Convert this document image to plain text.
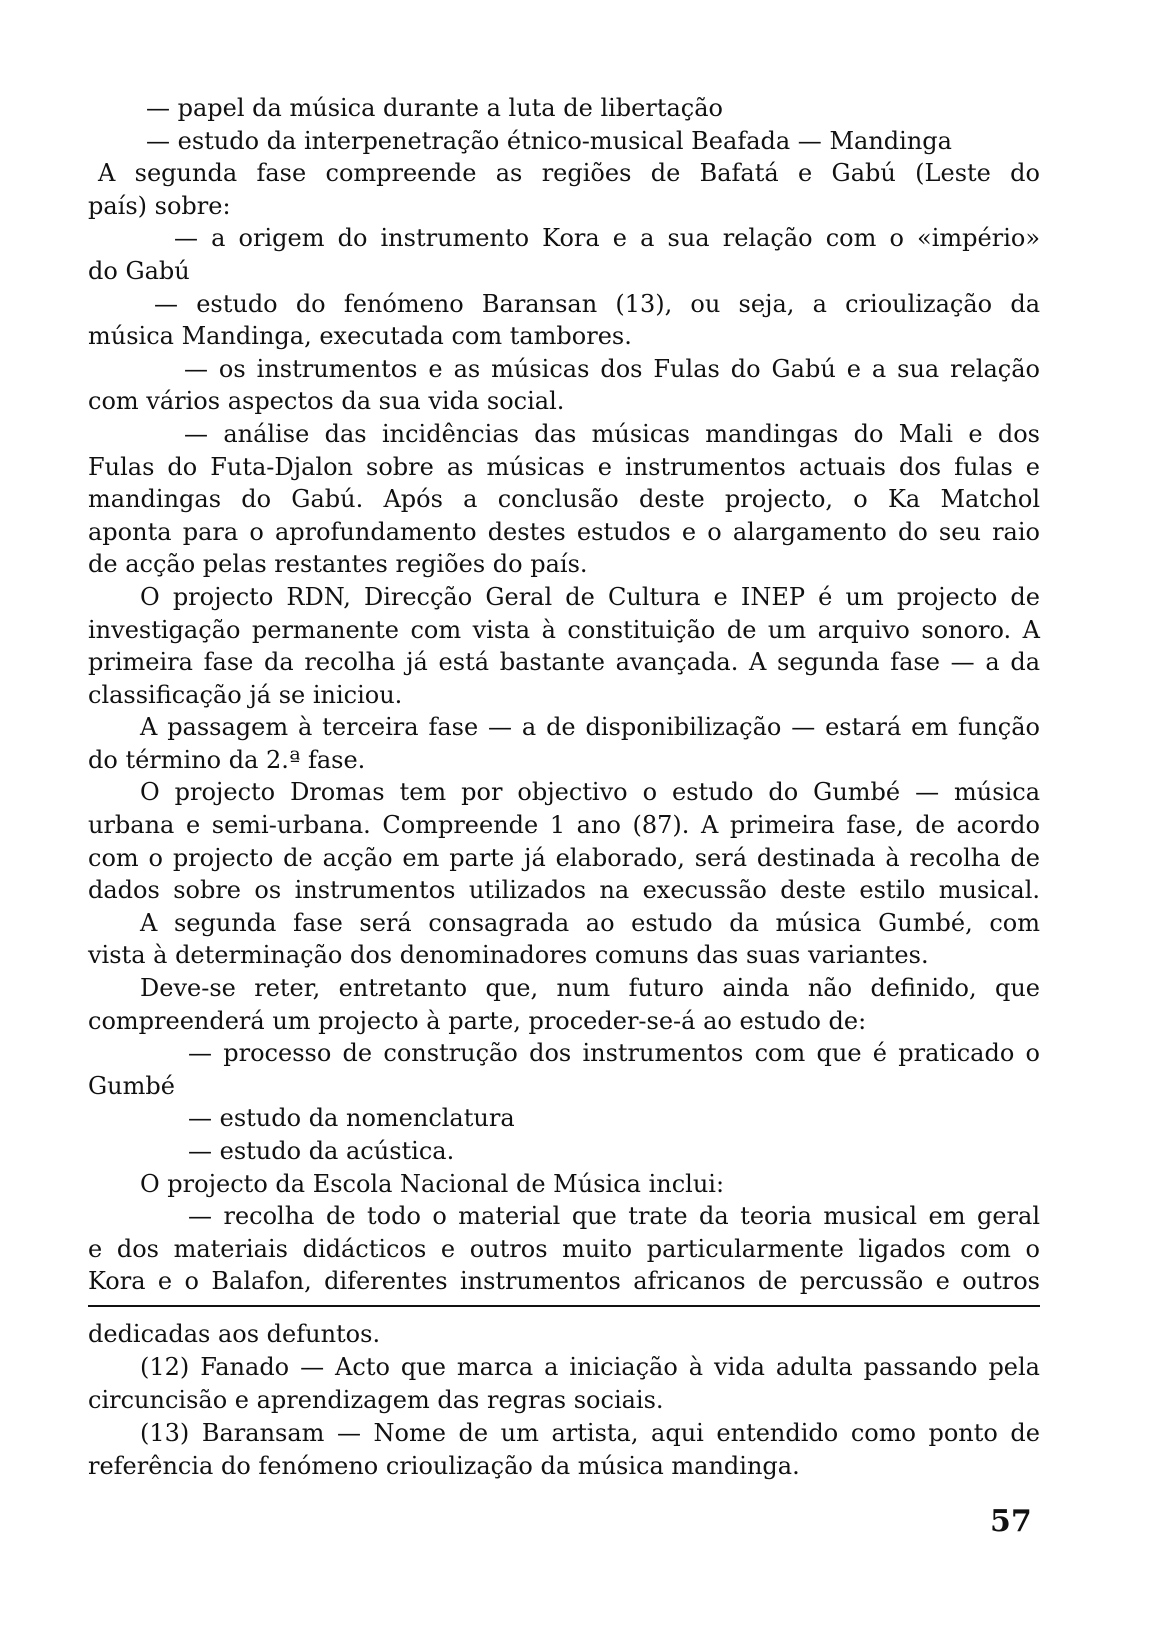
— papel da música durante a luta de libertação
— estudo da interpenetração étnico-musical Beafada — Mandinga
A segunda fase compreende as regiões de Bafatá e Gabú (Leste do
país) sobre:
— a origem do instrumento Kora e a sua relação com o «império»
do Gabú
— estudo do fenómeno Baransan (13), ou seja, a crioulização da
música Mandinga, executada com tambores.
— os instrumentos e as músicas dos Fulas do Gabú e a sua relação
com vários aspectos da sua vida social.
— análise das incidências das músicas mandingas do Mali e dos
Fulas do Futa-Djalon sobre as músicas e instrumentos actuais dos fulas e
mandingas do Gabú. Após a conclusão deste projecto, o Ka Matchol
aponta para o aprofundamento destes estudos e o alargamento do seu raio
de acção pelas restantes regiões do país.
O projecto RDN, Direcção Geral de Cultura e INEP é um projecto de
investigação permanente com vista à constituição de um arquivo sonoro. A
primeira fase da recolha já está bastante avançada. A segunda fase — a da
classificação já se iniciou.
A passagem à terceira fase — a de disponibilização — estará em função
do término da 2.ª fase.
O projecto Dromas tem por objectivo o estudo do Gumbé — música
urbana e semi-urbana. Compreende 1 ano (87). A primeira fase, de acordo
com o projecto de acção em parte já elaborado, será destinada à recolha de
dados sobre os instrumentos utilizados na execussão deste estilo musical.
A segunda fase será consagrada ao estudo da música Gumbé, com
vista à determinação dos denominadores comuns das suas variantes.
Deve-se reter, entretanto que, num futuro ainda não definido, que
compreenderá um projecto à parte, proceder-se-á ao estudo de:
— processo de construção dos instrumentos com que é praticado o
Gumbé
— estudo da nomenclatura
— estudo da acústica.
O projecto da Escola Nacional de Música inclui:
— recolha de todo o material que trate da teoria musical em geral
e dos materiais didácticos e outros muito particularmente ligados com o
Kora e o Balafon, diferentes instrumentos africanos de percussão e outros
dedicadas aos defuntos.
(12) Fanado — Acto que marca a iniciação à vida adulta passando pela
circuncisão e aprendizagem das regras sociais.
(13) Baransam — Nome de um artista, aqui entendido como ponto de
referência do fenómeno crioulização da música mandinga.
57
